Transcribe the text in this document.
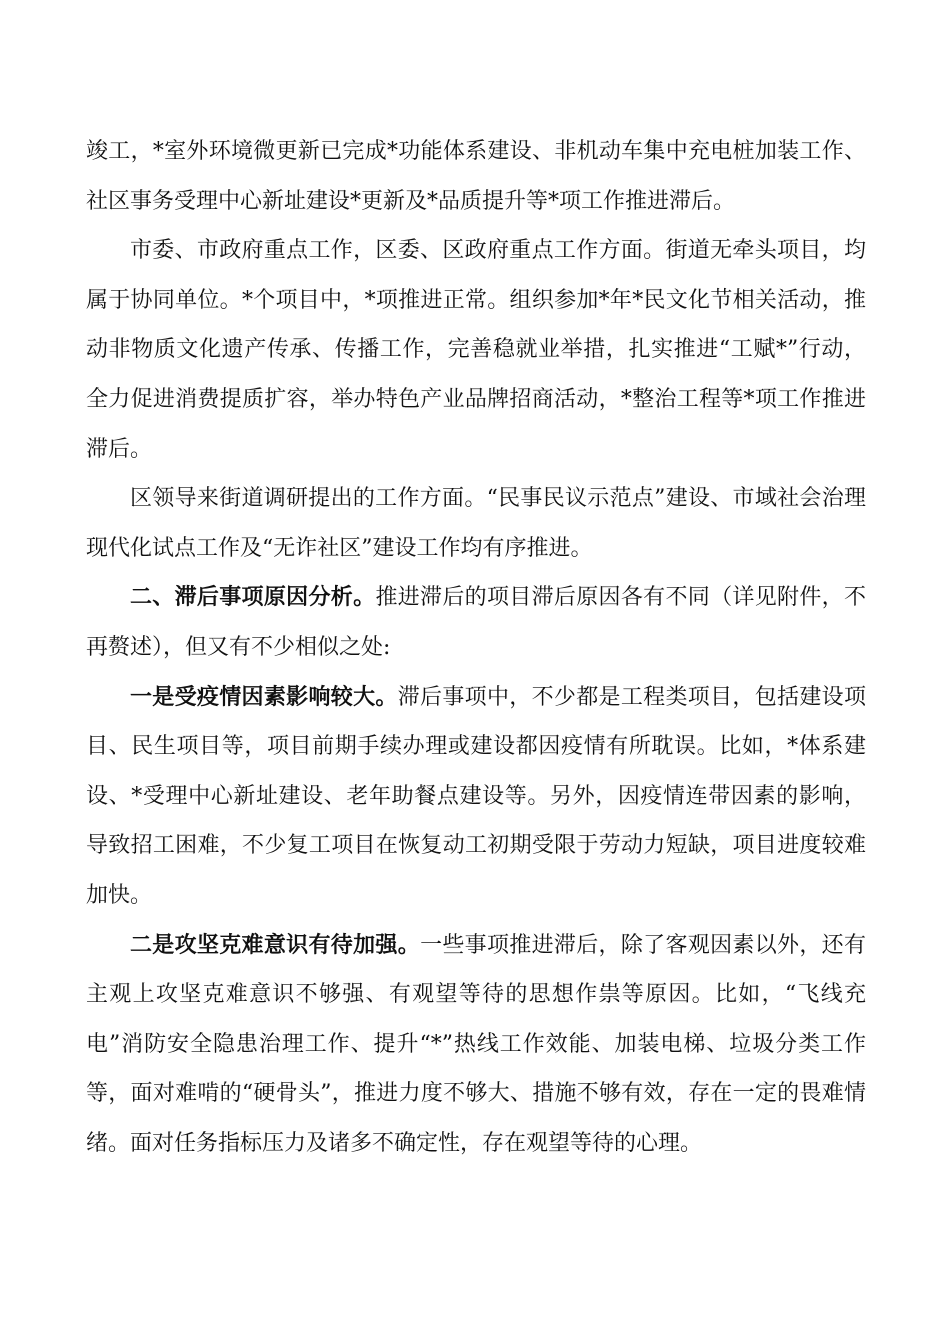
竣工，*室外环境微更新已完成*功能体系建设、非机动车集中充电桩加装工作、社区事务受理中心新址建设*更新及*品质提升等*项工作推进滞后。

市委、市政府重点工作，区委、区政府重点工作方面。街道无牵头项目，均属于协同单位。*个项目中，*项推进正常。组织参加*年*民文化节相关活动，推动非物质文化遗产传承、传播工作，完善稳就业举措，扎实推进“工赋*”行动，全力促进消费提质扩容，举办特色产业品牌招商活动，*整治工程等*项工作推进滞后。

区领导来街道调研提出的工作方面。“民事民议示范点”建设、市域社会治理现代化试点工作及“无诈社区”建设工作均有序推进。

二、滞后事项原因分析。推进滞后的项目滞后原因各有不同（详见附件，不再赘述），但又有不少相似之处:

一是受疫情因素影响较大。滞后事项中，不少都是工程类项目，包括建设项目、民生项目等，项目前期手续办理或建设都因疫情有所耽误。比如，*体系建设、*受理中心新址建设、老年助餐点建设等。另外，因疫情连带因素的影响，导致招工困难，不少复工项目在恢复动工初期受限于劳动力短缺，项目进度较难加快。

二是攻坚克难意识有待加强。一些事项推进滞后，除了客观因素以外，还有主观上攻坚克难意识不够强、有观望等待的思想作祟等原因。比如，“飞线充电”消防安全隐患治理工作、提升“*”热线工作效能、加装电梯、垃圾分类工作等，面对难啃的“硬骨头”，推进力度不够大、措施不够有效，存在一定的畏难情绪。面对任务指标压力及诸多不确定性，存在观望等待的心理。
